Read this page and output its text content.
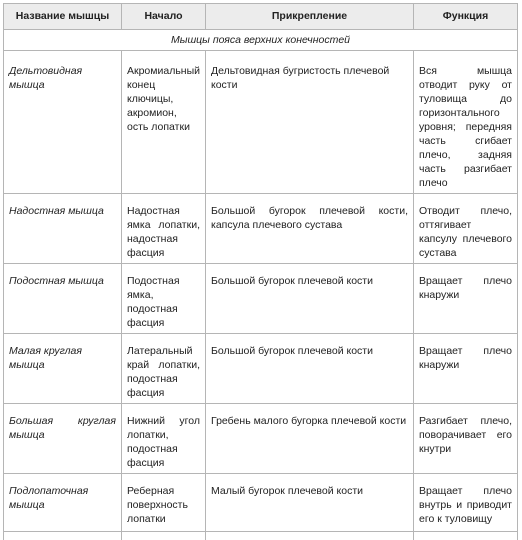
Название мышцы	Начало	Прикрепление	Функция
Мышцы пояса верхних конечностей			
Дельтовидная мышца	Акромиальный конец ключицы, акромион, ость лопатки	Дельтовидная бугристость плечевой кости	Вся мышца отводит руку от туловища до горизонтального уровня; передняя часть сгибает плечо, задняя часть разгибает плечо
Надостная мышца	Надостная ямка лопатки, надостная фасция	Большой бугорок плечевой кости, капсула плечевого сустава	Отводит плечо, оттягивает капсулу плечевого сустава
Подостная мышца	Подостная ямка, подостная фасция	Большой бугорок плечевой кости	Вращает плечо кнаружи
Малая круглая мышца	Латеральный край лопатки, подостная фасция	Большой бугорок плечевой кости	Вращает плечо кнаружи
Большая круглая мышца	Нижний угол лопатки, подостная фасция	Гребень малого бугорка плечевой кости	Разгибает плечо, поворачивает его кнутри
Подлопаточная мышца	Реберная поверхность лопатки	Малый бугорок плечевой кости	Вращает плечо внутрь и приводит его к туловищу
